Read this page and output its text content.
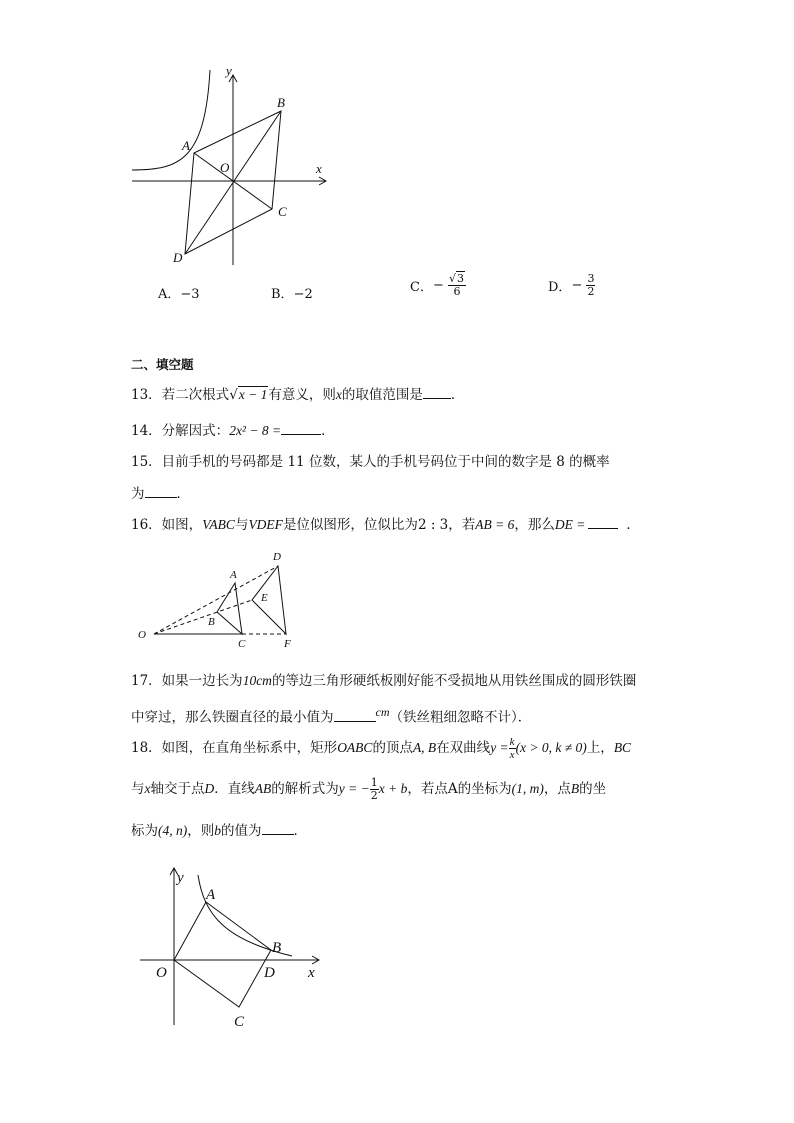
y
x
A
B
O
C
D
A．−3	B．−2	C．− $\frac{√3}{6}$	D．− $\frac{3}{2}$
二、填空题
13．若二次根式√x − 1有意义，则x的取值范围是 ．
14．分解因式：2x² − 8 =	．
15．目前手机的号码都是 11 位数，某人的手机号码位于中间的数字是 8 的概率
为 ．
16．如图，VABC与VDEF是位似图形，位似比为2 : 3，若AB = 6，那么DE =	．
O
A
B
C
D
E
F
17．如果一边长为10cm的等边三角形硬纸板刚好能不受损地从用铁丝围成的圆形铁圈
中穿过，那么铁圈直径的最小值为	cm（铁丝粗细忽略不计）．
18．如图，在直角坐标系中，矩形OABC的顶点A, B在双曲线$y = \frac{k}{x} (x > 0$, k ≠ 0)上，BC
与x轴交于点D．直线AB的解析式为y = − $\frac{1}{2}$ x + b，若点A的坐标为(1, m)，点B的坐
标为(4, n)，则b的值为 ．
y
x
A
B
O	D
C
